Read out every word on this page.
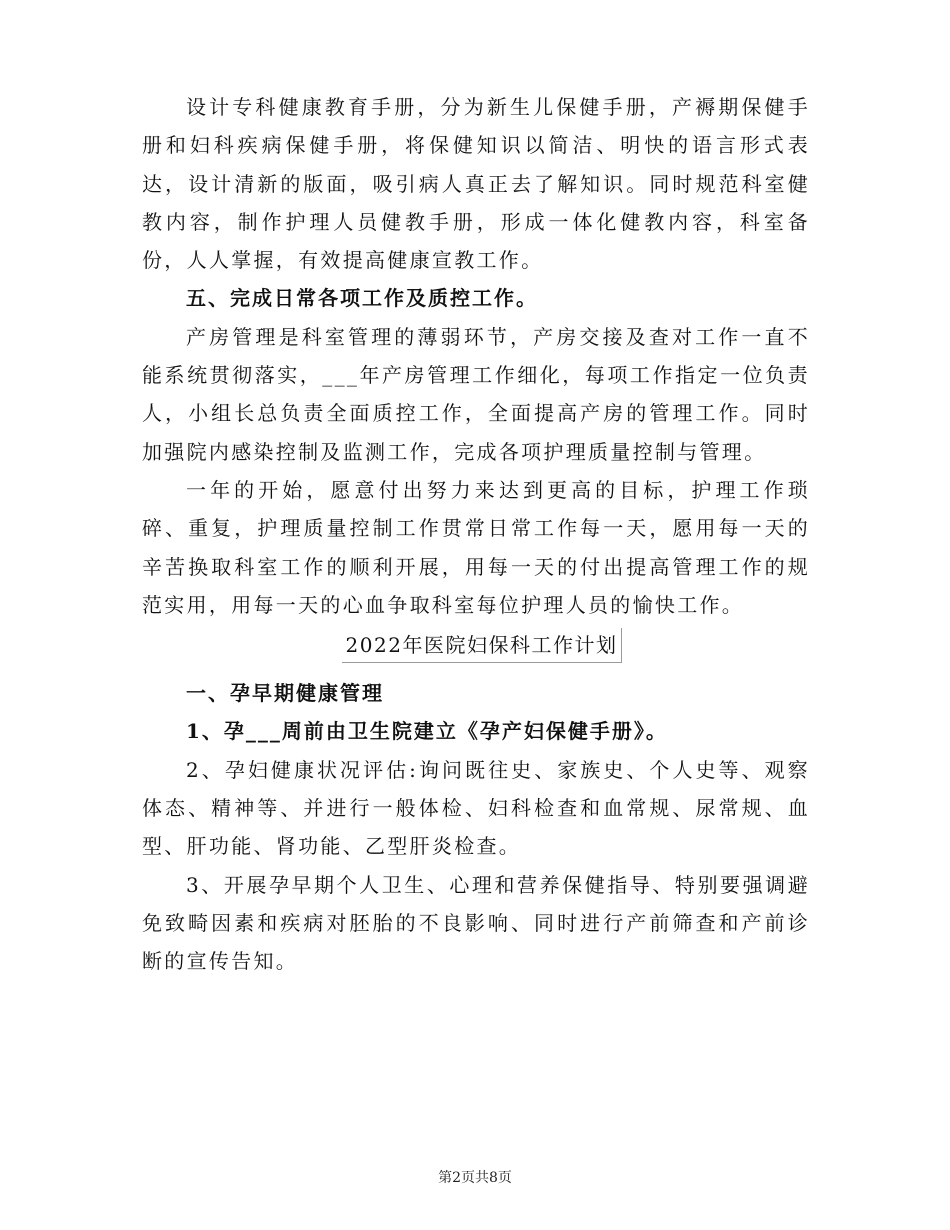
设计专科健康教育手册，分为新生儿保健手册，产褥期保健手册和妇科疾病保健手册，将保健知识以简洁、明快的语言形式表达，设计清新的版面，吸引病人真正去了解知识。同时规范科室健教内容，制作护理人员健教手册，形成一体化健教内容，科室备份，人人掌握，有效提高健康宣教工作。

五、完成日常各项工作及质控工作。

产房管理是科室管理的薄弱环节，产房交接及查对工作一直不能系统贯彻落实，___年产房管理工作细化，每项工作指定一位负责人，小组长总负责全面质控工作，全面提高产房的管理工作。同时加强院内感染控制及监测工作，完成各项护理质量控制与管理。

一年的开始，愿意付出努力来达到更高的目标，护理工作琐碎、重复，护理质量控制工作贯常日常工作每一天，愿用每一天的辛苦换取科室工作的顺利开展，用每一天的付出提高管理工作的规范实用，用每一天的心血争取科室每位护理人员的愉快工作。

2022年医院妇保科工作计划

一、孕早期健康管理

1、孕___周前由卫生院建立《孕产妇保健手册》。

2、孕妇健康状况评估:询问既往史、家族史、个人史等、观察体态、精神等、并进行一般体检、妇科检查和血常规、尿常规、血型、肝功能、肾功能、乙型肝炎检查。

3、开展孕早期个人卫生、心理和营养保健指导、特别要强调避免致畸因素和疾病对胚胎的不良影响、同时进行产前筛查和产前诊断的宣传告知。

第2页共8页
